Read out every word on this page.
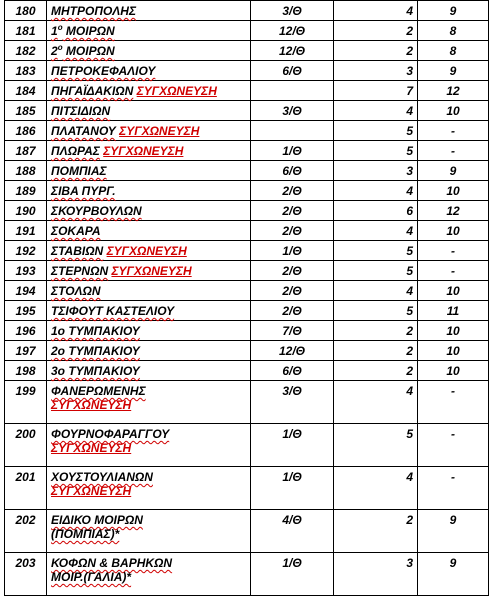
180	ΜΗΤΡΟΠΟΛΗΣ	3/Θ	4	9
181	$1^o$ ΜΟΙΡΩΝ	12/Θ	2	8
182	$2^o$ ΜΟΙΡΩΝ	12/Θ	2	8
183	ΠΕΤΡΟΚΕΦΑΛΙΟΥ	6/Θ	3	9
184	ΠΗΓΑΪΔΑΚΙΩΝ ΣΥΓΧΩΝΕΥΣΗ		7	12
185	ΠΙΤΣΙΔΙΩΝ	3/Θ	4	10
186	ΠΛΑΤΑΝΟΥ ΣΥΓΧΩΝΕΥΣΗ		5	-
187	ΠΛΩΡΑΣ ΣΥΓΧΩΝΕΥΣΗ	1/Θ	5	-
188	ΠΟΜΠΙΑΣ	6/Θ	3	9
189	ΣΙΒΑ ΠΥΡΓ.	2/Θ	4	10
190	ΣΚΟΥΡΒΟΥΛΩΝ	2/Θ	6	12
191	ΣΟΚΑΡΑ	2/Θ	4	10
192	ΣΤΑΒΙΩΝ ΣΥΓΧΩΝΕΥΣΗ	1/Θ	5	-
193	ΣΤΕΡΝΩΝ ΣΥΓΧΩΝΕΥΣΗ	2/Θ	5	-
194	ΣΤΟΛΩΝ	2/Θ	4	10
195	ΤΣΙΦΟΥΤ ΚΑΣΤΕΛΙΟΥ	2/Θ	5	11
196	1ο ΤΥΜΠΑΚΙΟΥ	7/Θ	2	10
197	2ο ΤΥΜΠΑΚΙΟΥ	12/Θ	2	10
198	3ο ΤΥΜΠΑΚΙΟΥ	6/Θ	2	10
199	ΦΑΝΕΡΩΜΕΝΗΣ
ΣΥΓΧΩΝΕΥΣΗ	3/Θ	4	-
200	ΦΟΥΡΝΟΦΑΡΑΓΓΟΥ
ΣΥΓΧΩΝΕΥΣΗ	1/Θ	5	-
201	ΧΟΥΣΤΟΥΛΙΑΝΩΝ
ΣΥΓΧΩΝΕΥΣΗ	1/Θ	4	-
202	ΕΙΔΙΚΟ ΜΟΙΡΩΝ
(ΠΟΜΠΙΑΣ)*	4/Θ	2	9
203	ΚΟΦΩΝ & ΒΑΡΗΚΩΝ
ΜΟΙΡ.(ΓΑΛΙΑ)*	1/Θ	3	9
